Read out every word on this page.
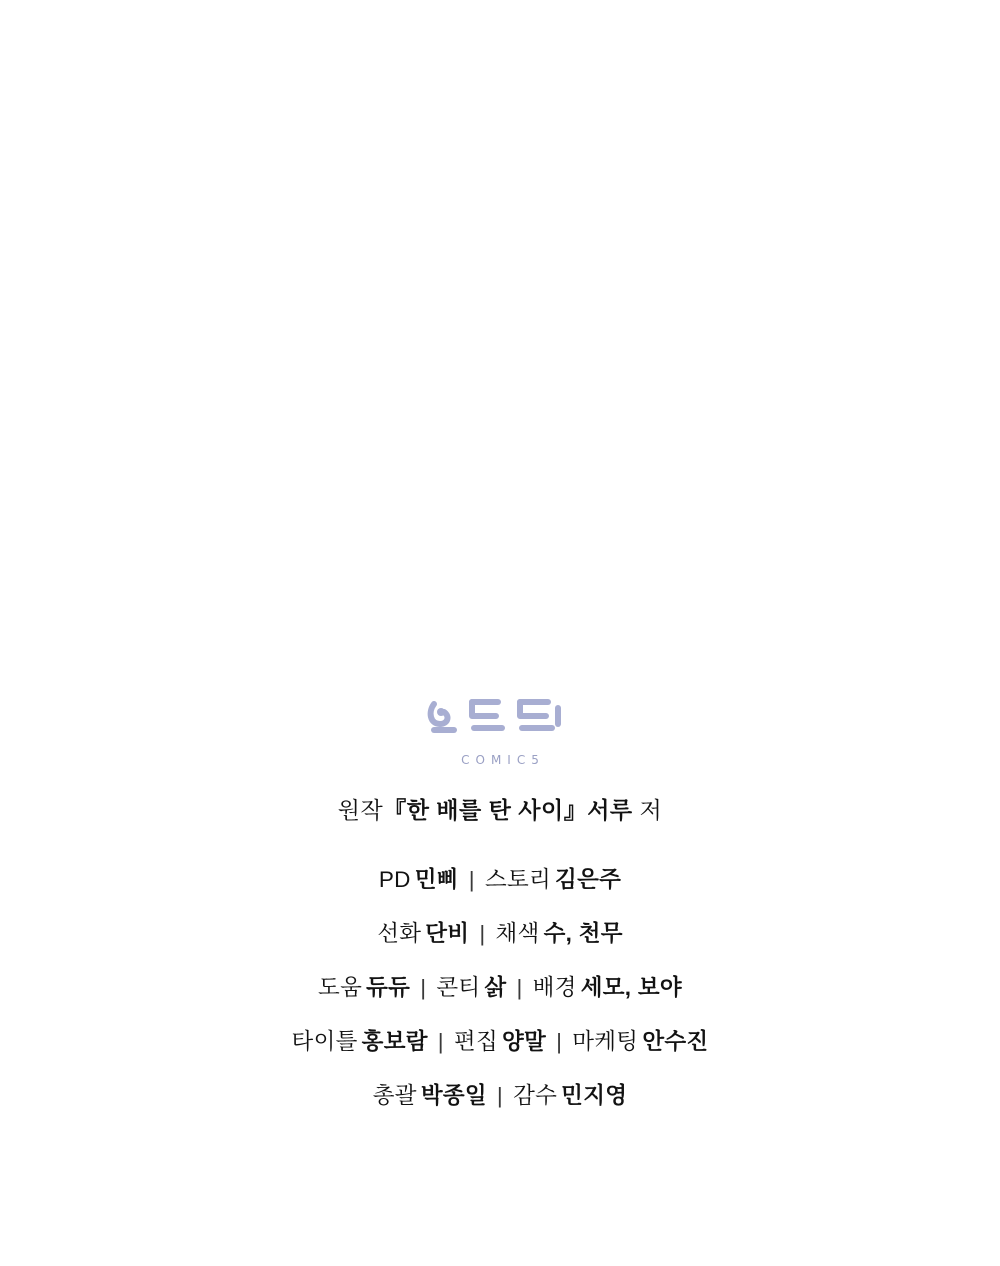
COMIC5
원작『한 배를 탄 사이』서루 저
PD 민삐 | 스토리 김은주
선화 단비 | 채색 수, 천무
도움 듀듀 | 콘티 삵 | 배경 세모, 보야
타이틀 홍보람 | 편집 양말 | 마케팅 안수진
총괄 박종일 | 감수 민지영
